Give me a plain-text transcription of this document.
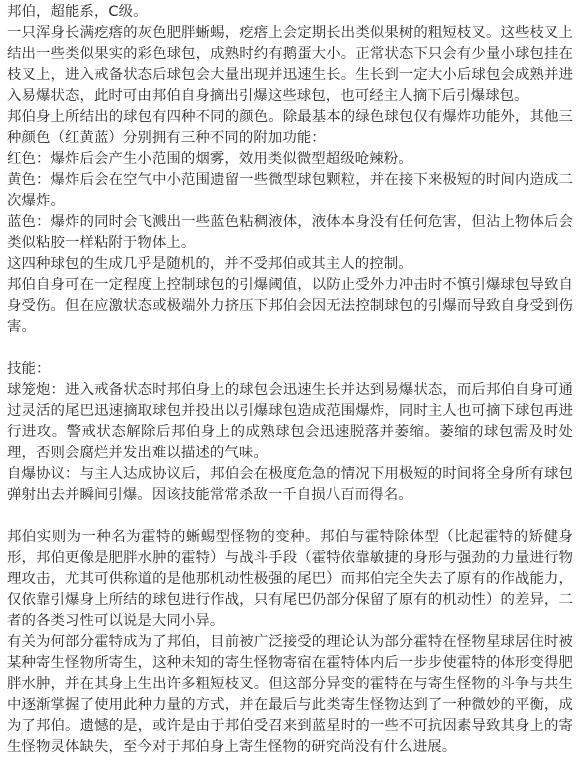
邦伯，超能系，C级。

一只浑身长满疙瘩的灰色肥胖蜥蜴，疙瘩上会定期长出类似果树的粗短枝叉。这些枝叉上结出一些类似果实的彩色球包，成熟时约有鹅蛋大小。正常状态下只会有少量小球包挂在枝叉上，进入戒备状态后球包会大量出现并迅速生长。生长到一定大小后球包会成熟并进入易爆状态，此时可由邦伯自身摘出引爆这些球包，也可经主人摘下后引爆球包。

邦伯身上所结出的球包有四种不同的颜色。除最基本的绿色球包仅有爆炸功能外，其他三种颜色（红黄蓝）分别拥有三种不同的附加功能：

红色：爆炸后会产生小范围的烟雾，效用类似微型超级呛辣粉。

黄色：爆炸后会在空气中小范围遗留一些微型球包颗粒，并在接下来极短的时间内造成二次爆炸。

蓝色：爆炸的同时会飞溅出一些蓝色粘稠液体，液体本身没有任何危害，但沾上物体后会类似粘胶一样粘附于物体上。

这四种球包的生成几乎是随机的，并不受邦伯或其主人的控制。

邦伯自身可在一定程度上控制球包的引爆阈值，以防止受外力冲击时不慎引爆球包导致自身受伤。但在应激状态或极端外力挤压下邦伯会因无法控制球包的引爆而导致自身受到伤害。

技能：

球笼炮：进入戒备状态时邦伯身上的球包会迅速生长并达到易爆状态，而后邦伯自身可通过灵活的尾巴迅速摘取球包并投出以引爆球包造成范围爆炸，同时主人也可摘下球包再进行进攻。警戒状态解除后邦伯身上的成熟球包会迅速脱落并萎缩。萎缩的球包需及时处理，否则会腐烂并发出难以描述的气味。

自爆协议：与主人达成协议后，邦伯会在极度危急的情况下用极短的时间将全身所有球包弹射出去并瞬间引爆。因该技能常常杀敌一千自损八百而得名。

邦伯实则为一种名为霍特的蜥蜴型怪物的变种。邦伯与霍特除体型（比起霍特的矫健身形，邦伯更像是肥胖水肿的霍特）与战斗手段（霍特依靠敏捷的身形与强劲的力量进行物理攻击，尤其可供称道的是他那机动性极强的尾巴）而邦伯完全失去了原有的作战能力，仅依靠引爆身上所结的球包进行作战，只有尾巴仍部分保留了原有的机动性）的差异，二者的各类习性可以说是大同小异。

有关为何部分霍特成为了邦伯，目前被广泛接受的理论认为部分霍特在怪物星球居住时被某种寄生怪物所寄生，这种未知的寄生怪物寄宿在霍特体内后一步步使霍特的体形变得肥胖水肿，并在其身上生出许多粗短枝叉。但这部分异变的霍特在与寄生怪物的斗争与共生中逐渐掌握了使用此种力量的方式，并在最后与此类寄生怪物达到了一种微妙的平衡，成为了邦伯。遗憾的是，或许是由于邦伯受召来到蓝星时的一些不可抗因素导致其身上的寄生怪物灵体缺失，至今对于邦伯身上寄生怪物的研究尚没有什么进展。
